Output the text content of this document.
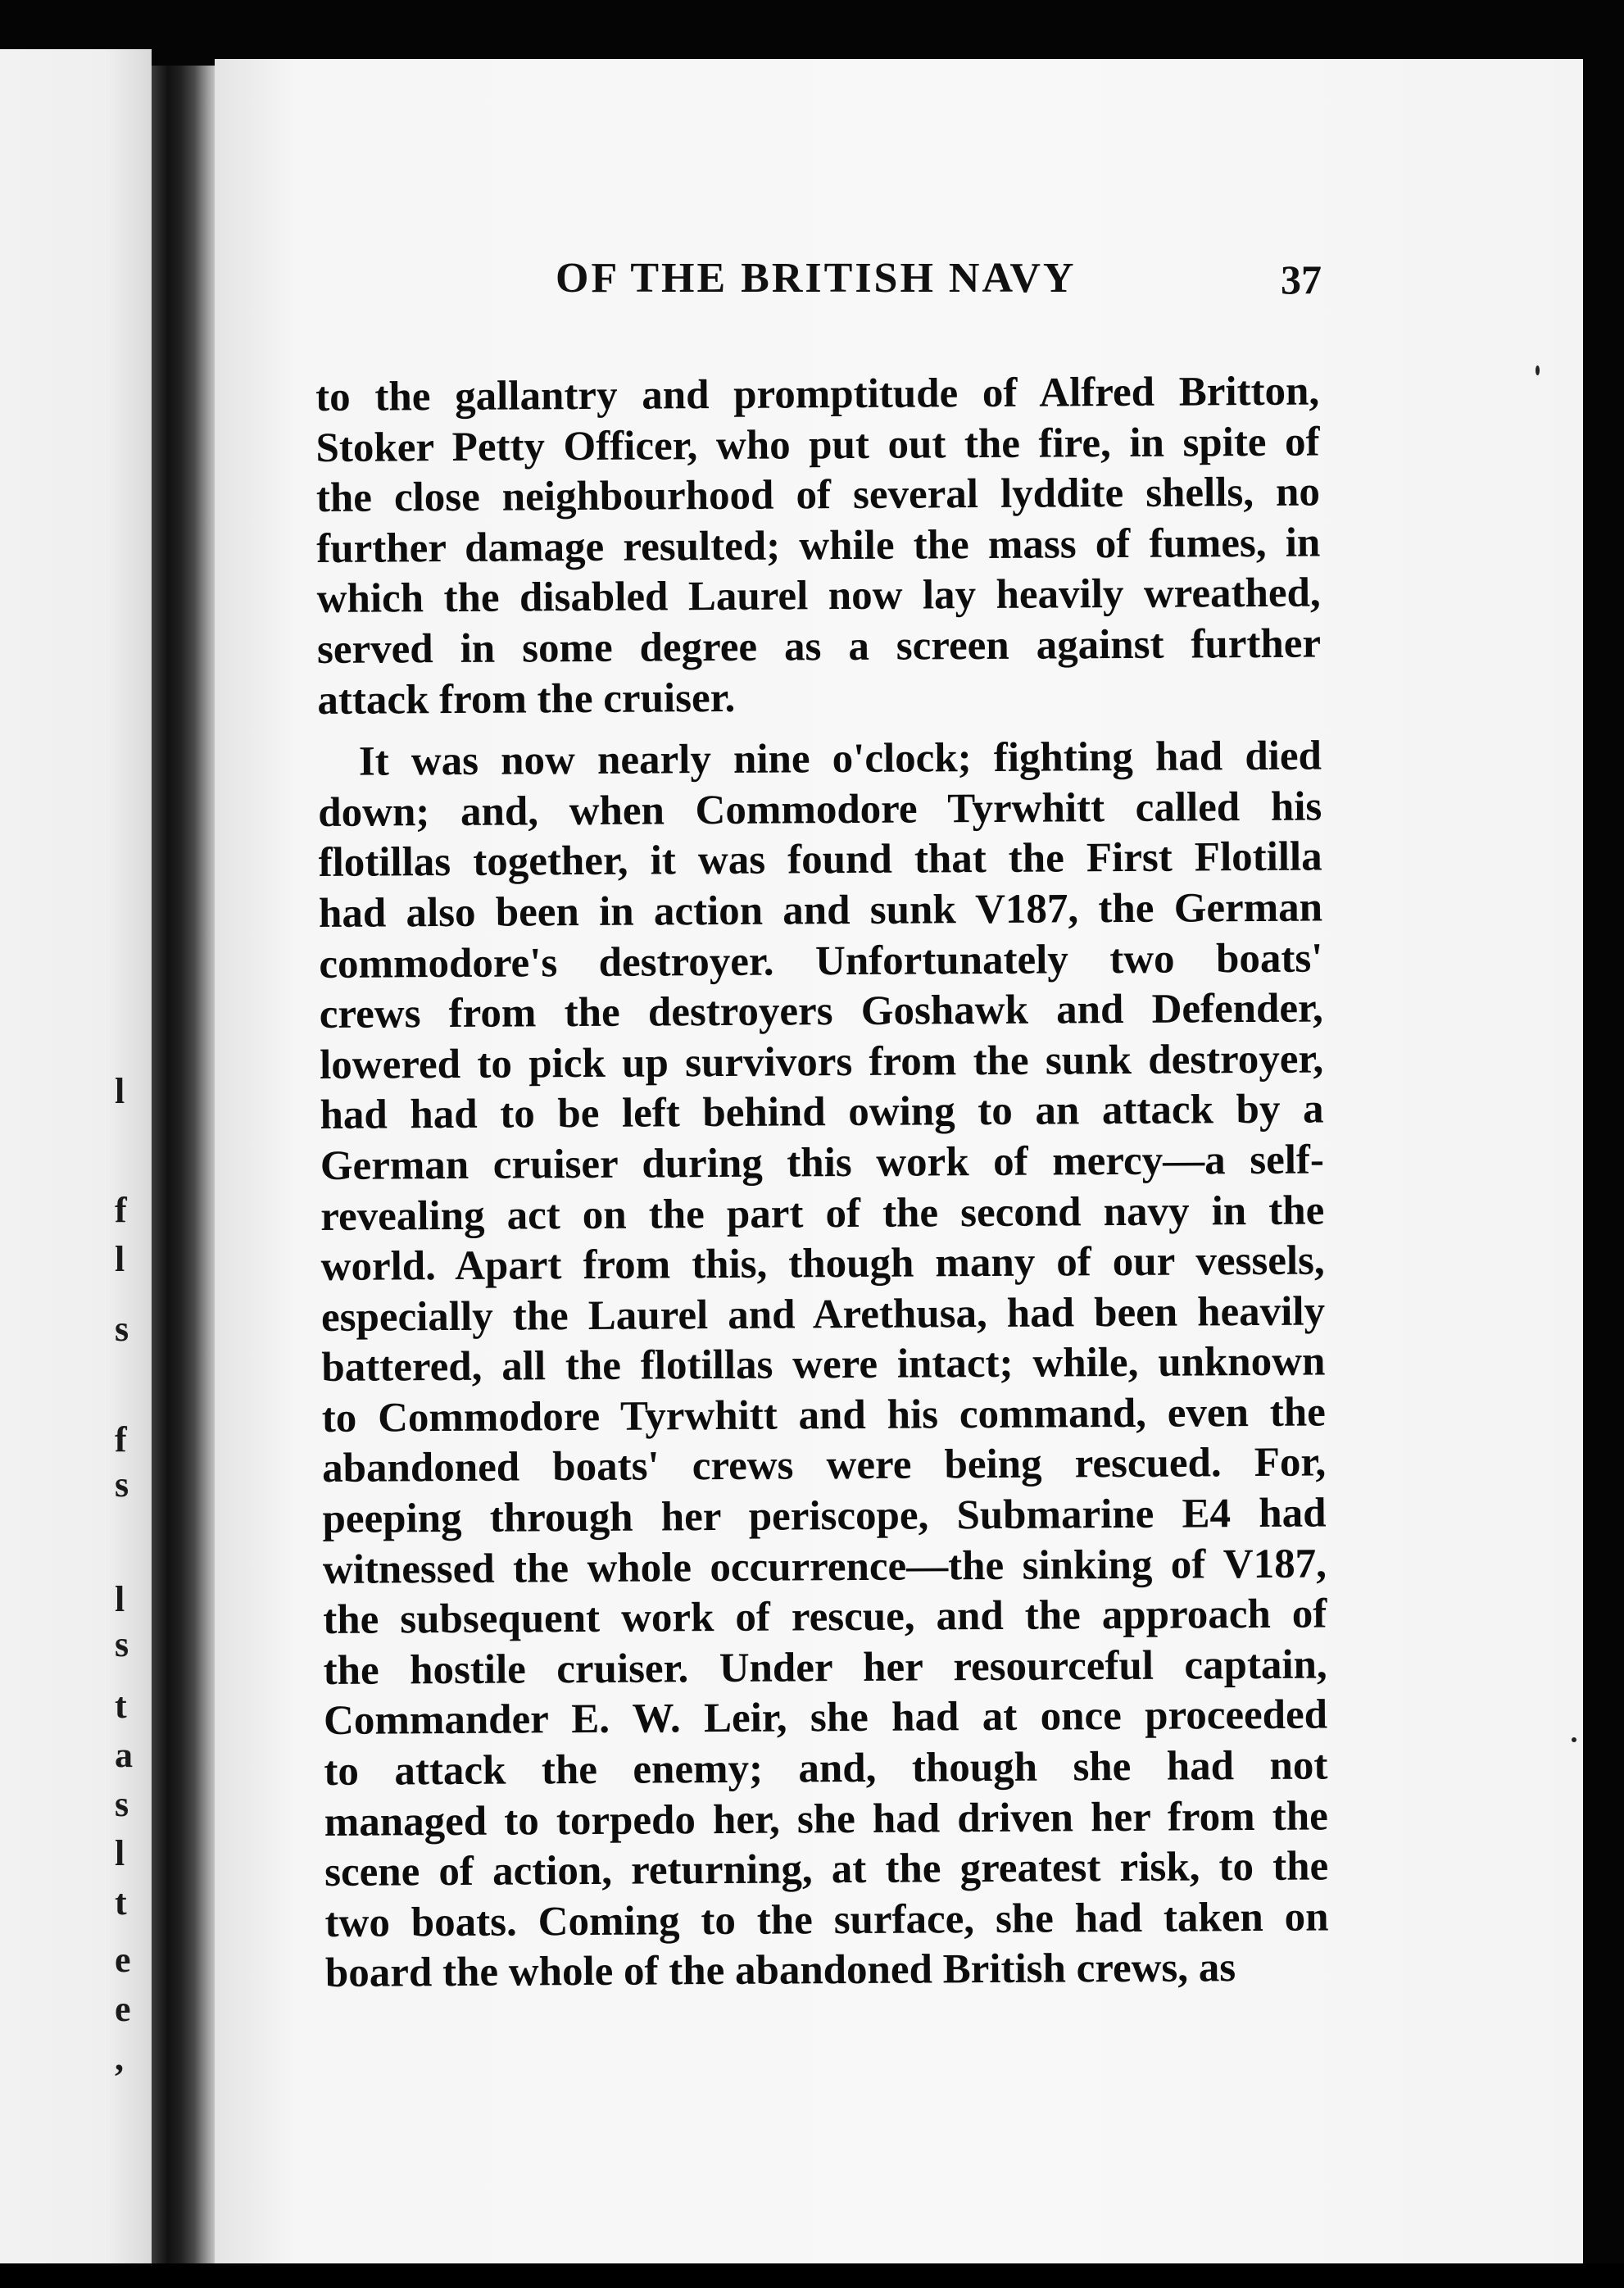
l
f
l
s
f
s
l
s
t
a
s
l
t
e
e
,
OF THE BRITISH NAVY	37
to the gallantry and promptitude of Alfred Britton,
Stoker Petty Officer, who put out the fire, in spite of
the close neighbourhood of several lyddite shells, no
further damage resulted; while the mass of fumes, in
which the disabled Laurel now lay heavily wreathed,
served in some degree as a screen against further
attack from the cruiser.
It was now nearly nine o'clock; fighting had died
down; and, when Commodore Tyrwhitt called his
flotillas together, it was found that the First Flotilla
had also been in action and sunk V187, the German
commodore's destroyer. Unfortunately two boats'
crews from the destroyers Goshawk and Defender,
lowered to pick up survivors from the sunk destroyer,
had had to be left behind owing to an attack by a
German cruiser during this work of mercy—a self-
revealing act on the part of the second navy in the
world. Apart from this, though many of our vessels,
especially the Laurel and Arethusa, had been heavily
battered, all the flotillas were intact; while, unknown
to Commodore Tyrwhitt and his command, even the
abandoned boats' crews were being rescued. For,
peeping through her periscope, Submarine E4 had
witnessed the whole occurrence—the sinking of V187,
the subsequent work of rescue, and the approach of
the hostile cruiser. Under her resourceful captain,
Commander E. W. Leir, she had at once proceeded
to attack the enemy; and, though she had not
managed to torpedo her, she had driven her from the
scene of action, returning, at the greatest risk, to the
two boats. Coming to the surface, she had taken on
board the whole of the abandoned British crews, as
